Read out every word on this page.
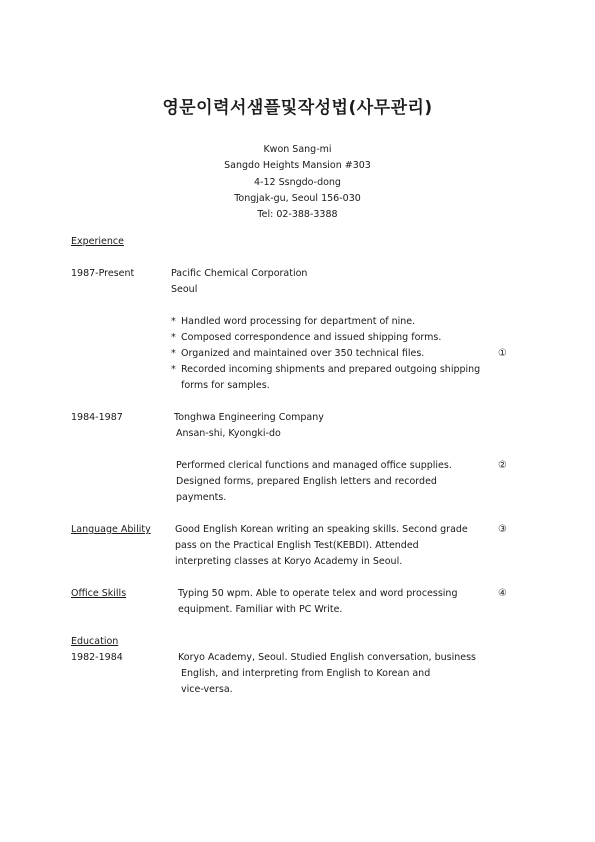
영문이력서샘플및작성법(사무관리)
Kwon Sang-mi
Sangdo Heights Mansion #303
4-12 Ssngdo-dong
Tongjak-gu, Seoul 156-030
Tel: 02-388-3388
Experience
1987-Present	Pacific Chemical Corporation
Seoul
* Handled word processing for department of nine.
* Composed correspondence and issued shipping forms.
* Organized and maintained over 350 technical files.
* Recorded incoming shipments and prepared outgoing shipping
forms for samples.
①
1984-1987	Tonghwa Engineering Company
Ansan-shi, Kyongki-do
Performed clerical functions and managed office supplies.
Designed forms, prepared English letters and recorded
payments.
②
Language Ability	Good English Korean writing an speaking skills. Second grade
pass on the Practical English Test(KEBDI). Attended
interpreting classes at Koryo Academy in Seoul.
③
Office Skills	Typing 50 wpm. Able to operate telex and word processing
equipment. Familiar with PC Write.
④
Education
1982-1984	Koryo Academy, Seoul. Studied English conversation, business
English, and interpreting from English to Korean and
vice-versa.
